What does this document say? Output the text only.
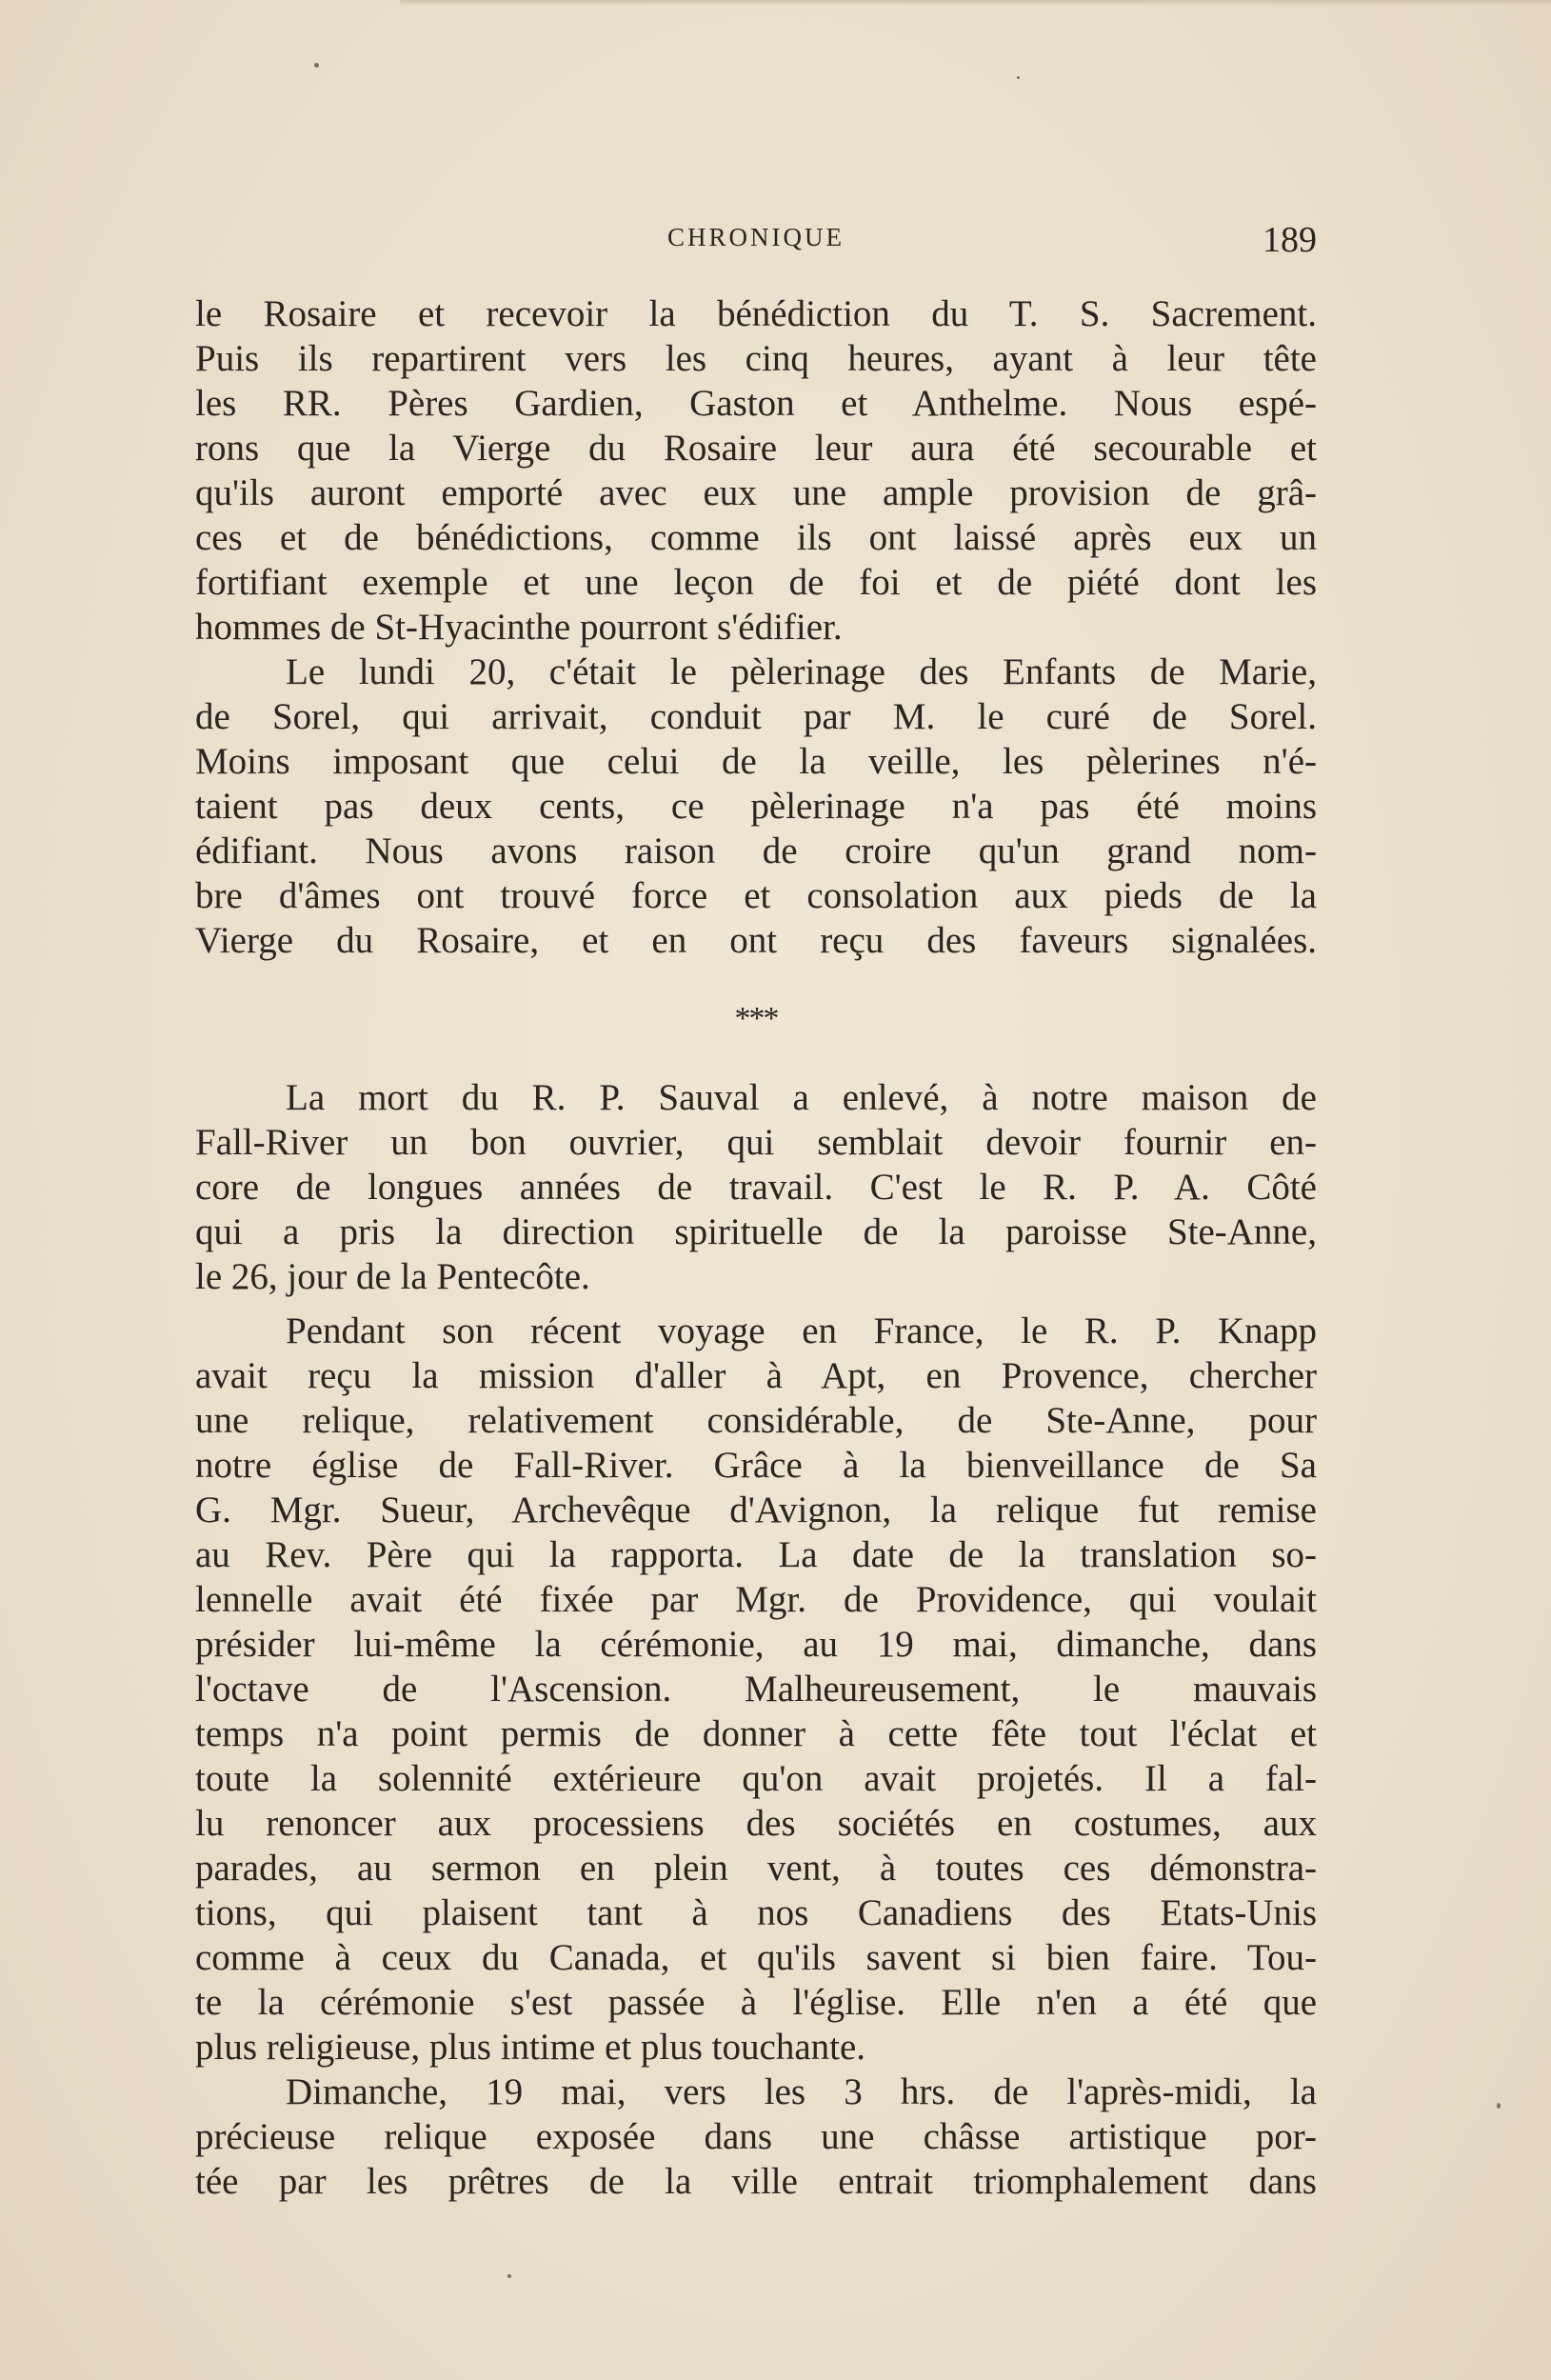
CHRONIQUE	189
le Rosaire et recevoir la bénédiction du T. S. Sacrement.
Puis ils repartirent vers les cinq heures, ayant à leur tête
les RR. Pères Gardien, Gaston et Anthelme. Nous espé-
rons que la Vierge du Rosaire leur aura été secourable et
qu'ils auront emporté avec eux une ample provision de grâ-
ces et de bénédictions, comme ils ont laissé après eux un
fortifiant exemple et une leçon de foi et de piété dont les
hommes de St-Hyacinthe pourront s'édifier.
Le lundi 20, c'était le pèlerinage des Enfants de Marie,
de Sorel, qui arrivait, conduit par M. le curé de Sorel.
Moins imposant que celui de la veille, les pèlerines n'é-
taient pas deux cents, ce pèlerinage n'a pas été moins
édifiant. Nous avons raison de croire qu'un grand nom-
bre d'âmes ont trouvé force et consolation aux pieds de la
Vierge du Rosaire, et en ont reçu des faveurs signalées.
***
La mort du R. P. Sauval a enlevé, à notre maison de
Fall-River un bon ouvrier, qui semblait devoir fournir en-
core de longues années de travail. C'est le R. P. A. Côté
qui a pris la direction spirituelle de la paroisse Ste-Anne,
le 26, jour de la Pentecôte.
Pendant son récent voyage en France, le R. P. Knapp
avait reçu la mission d'aller à Apt, en Provence, chercher
une relique, relativement considérable, de Ste-Anne, pour
notre église de Fall-River. Grâce à la bienveillance de Sa
G. Mgr. Sueur, Archevêque d'Avignon, la relique fut remise
au Rev. Père qui la rapporta. La date de la translation so-
lennelle avait été fixée par Mgr. de Providence, qui voulait
présider lui-même la cérémonie, au 19 mai, dimanche, dans
l'octave de l'Ascension. Malheureusement, le mauvais
temps n'a point permis de donner à cette fête tout l'éclat et
toute la solennité extérieure qu'on avait projetés. Il a fal-
lu renoncer aux processiens des sociétés en costumes, aux
parades, au sermon en plein vent, à toutes ces démonstra-
tions, qui plaisent tant à nos Canadiens des Etats-Unis
comme à ceux du Canada, et qu'ils savent si bien faire. Tou-
te la cérémonie s'est passée à l'église. Elle n'en a été que
plus religieuse, plus intime et plus touchante.
Dimanche, 19 mai, vers les 3 hrs. de l'après-midi, la
précieuse relique exposée dans une châsse artistique por-
tée par les prêtres de la ville entrait triomphalement dans
